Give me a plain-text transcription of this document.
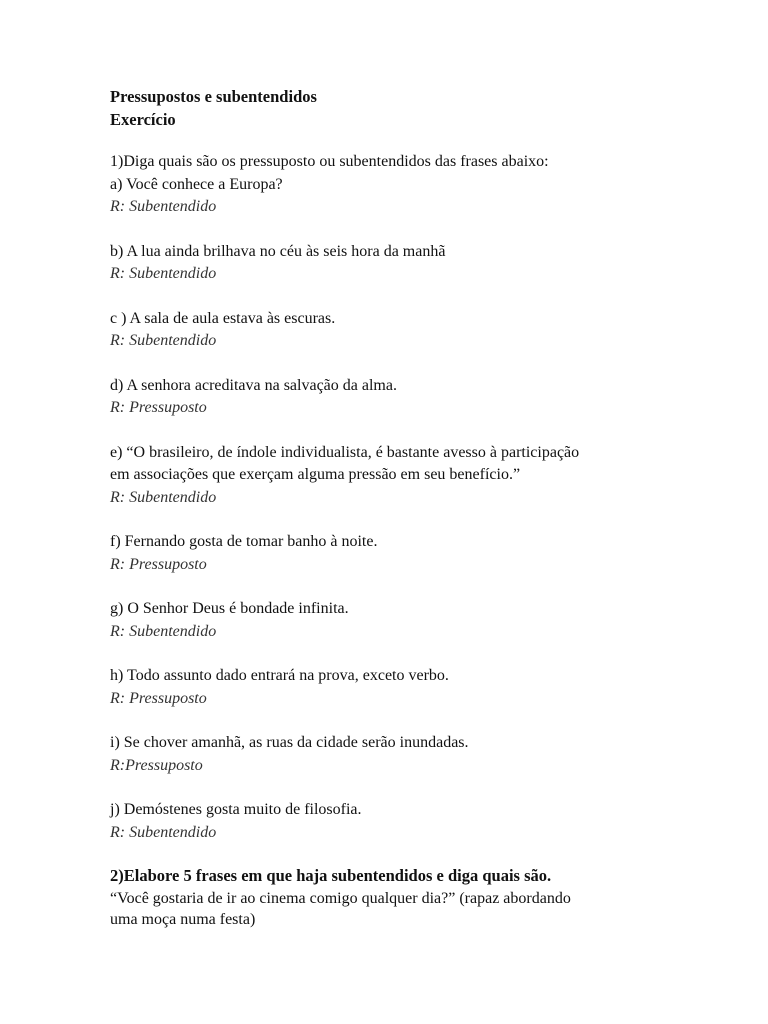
Pressupostos e subentendidos
Exercício
1)Diga quais são os pressuposto ou subentendidos das frases abaixo:

a) Você conhece a Europa?

R: Subentendido

b) A lua ainda brilhava no céu às seis hora da manhã

R: Subentendido

c ) A sala de aula estava às escuras.

R: Subentendido

d) A senhora acreditava na salvação da alma.

R: Pressuposto

e) “O brasileiro, de índole individualista, é bastante avesso à participação

em associações que exerçam alguma pressão em seu benefício.”

R: Subentendido

f) Fernando gosta de tomar banho à noite.

R: Pressuposto

g) O Senhor Deus é bondade infinita.

R: Subentendido

h) Todo assunto dado entrará na prova, exceto verbo.

R: Pressuposto

i) Se chover amanhã, as ruas da cidade serão inundadas.

R:Pressuposto

j) Demóstenes gosta muito de filosofia.

R: Subentendido

2)Elabore 5 frases em que haja subentendidos e diga quais são.
“Você gostaria de ir ao cinema comigo qualquer dia?” (rapaz abordando
uma moça numa festa)
